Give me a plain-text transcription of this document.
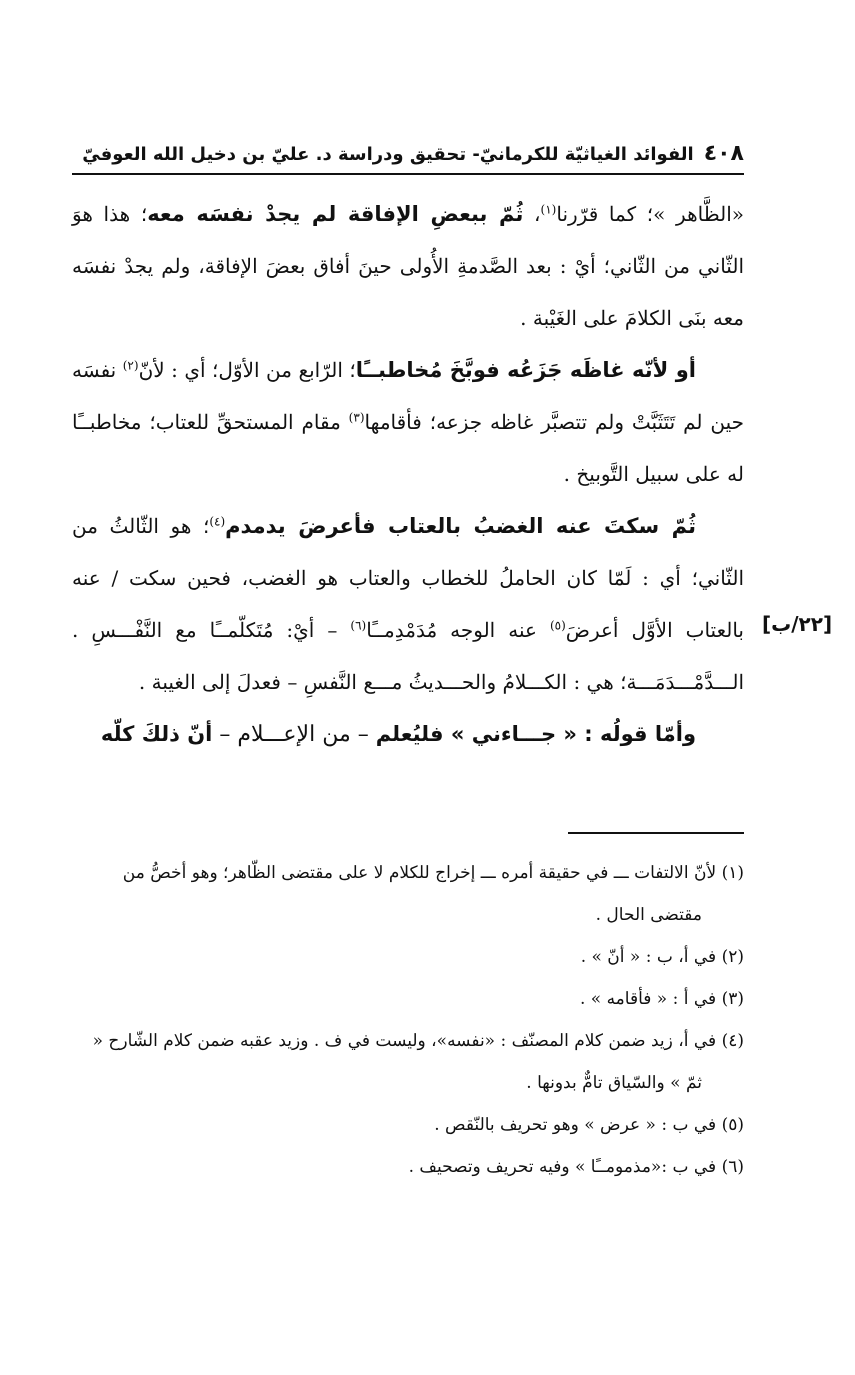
٤٠٨الفوائد الغياثيّة للكرمانيّ- تحقيق ودراسة د. عليّ بن دخيل الله العوفيّ

«الظَّاهر »؛ كما قرّرنا$^{(١)}$، ثُمّ ببعضِ الإفاقة لم يجدْ نفسَه معه؛ هذا هوَ الثّاني من الثّاني؛ أيْ : بعد الصَّدمةِ الأُولى حينَ أفاق بعضَ الإفاقة، ولم يجدْ نفسَه معه بنَى الكلامَ على الغَيْبة .

أو لأنّه غاظَه جَزَعُه فوبَّخَ مُخاطبــًا؛ الرّابع من الأوّل؛ أي : لأنّ$^{(٢)}$ نفسَه حين لم تَتَثَبَّتْ ولم تتصبَّر غاظه جزعه؛ فأقامها$^{(٣)}$ مقام المستحقِّ للعتاب؛ مخاطبــًا له على سبيل التَّوبيخ .

ثُمّ سكتَ عنه الغضبُ بالعتاب فأعرضَ يدمدم$^{(٤)}$؛ هو الثّالثُ من الثّاني؛ أي : لَمّا كان الحاملُ للخطاب والعتاب هو الغضب، فحين سكت / عنه بالعتاب الأوَّل أعرضَ$^{(٥)}$ عنه الوجه مُدَمْدِمــًا$^{(٦)}$ – أيْ: مُتَكلّمــًا مع النَّفْـــسِ . الـــدَّمْـــدَمَـــة؛ هي : الكـــلامُ والحـــديثُ مـــع النَّفسِ – فعدلَ إلى الغيبة .

وأمّا قولُه : « جـــاءني » فليُعلم – من الإعـــلام – أنّ ذلكَ كلّه

[٢٢/ب]

(١) لأنّ الالتفات ـــ في حقيقة أمره ـــ إخراج للكلام لا على مقتضى الظّاهر؛ وهو أخصُّ من مقتضى الحال .

(٢) في أ، ب : « أنّ » .

(٣) في أ : « فأقامه » .

(٤) في أ، زيد ضمن كلام المصنّف : «نفسه»، وليست في ف . وزيد عقبه ضمن كلام الشّارح « ثمّ » والسّياق تامٌّ بدونها .

(٥) في ب : « عرض » وهو تحريف بالنّقص .

(٦) في ب :«مذمومــًا » وفيه تحريف وتصحيف .
